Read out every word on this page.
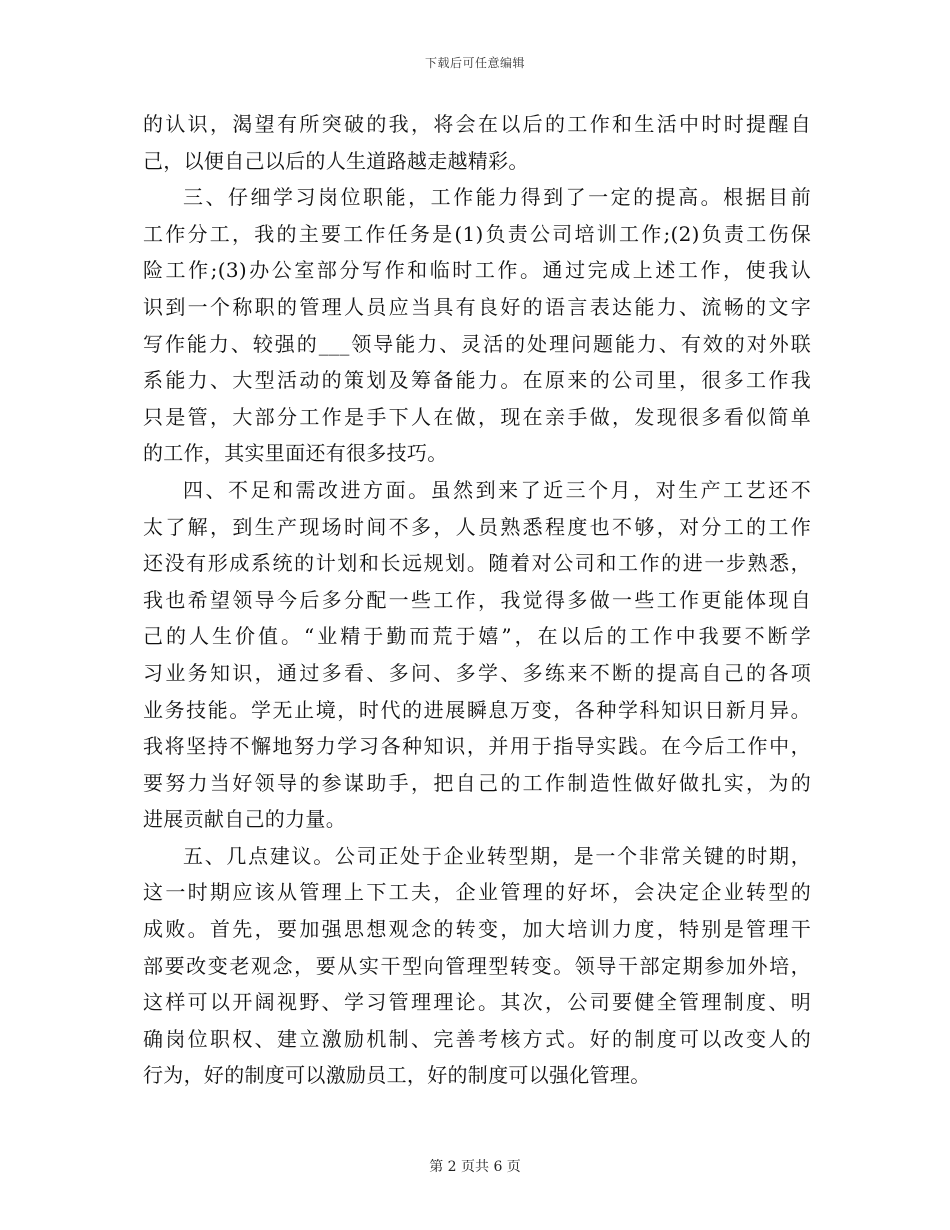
下载后可任意编辑
的认识，渴望有所突破的我，将会在以后的工作和生活中时时提醒自
己，以便自己以后的人生道路越走越精彩。
三、仔细学习岗位职能，工作能力得到了一定的提高。根据目前
工作分工，我的主要工作任务是(1)负责公司培训工作;(2)负责工伤保
险工作;(3)办公室部分写作和临时工作。通过完成上述工作，使我认
识到一个称职的管理人员应当具有良好的语言表达能力、流畅的文字
写作能力、较强的___领导能力、灵活的处理问题能力、有效的对外联
系能力、大型活动的策划及筹备能力。在原来的公司里，很多工作我
只是管，大部分工作是手下人在做，现在亲手做，发现很多看似简单
的工作，其实里面还有很多技巧。
四、不足和需改进方面。虽然到来了近三个月，对生产工艺还不
太了解，到生产现场时间不多，人员熟悉程度也不够，对分工的工作
还没有形成系统的计划和长远规划。随着对公司和工作的进一步熟悉，
我也希望领导今后多分配一些工作，我觉得多做一些工作更能体现自
己的人生价值。“业精于勤而荒于嬉”，在以后的工作中我要不断学
习业务知识，通过多看、多问、多学、多练来不断的提高自己的各项
业务技能。学无止境，时代的进展瞬息万变，各种学科知识日新月异。
我将坚持不懈地努力学习各种知识，并用于指导实践。在今后工作中，
要努力当好领导的参谋助手，把自己的工作制造性做好做扎实，为的
进展贡献自己的力量。
五、几点建议。公司正处于企业转型期，是一个非常关键的时期，
这一时期应该从管理上下工夫，企业管理的好坏，会决定企业转型的
成败。首先，要加强思想观念的转变，加大培训力度，特别是管理干
部要改变老观念，要从实干型向管理型转变。领导干部定期参加外培，
这样可以开阔视野、学习管理理论。其次，公司要健全管理制度、明
确岗位职权、建立激励机制、完善考核方式。好的制度可以改变人的
行为，好的制度可以激励员工，好的制度可以强化管理。
第 2 页共 6 页
